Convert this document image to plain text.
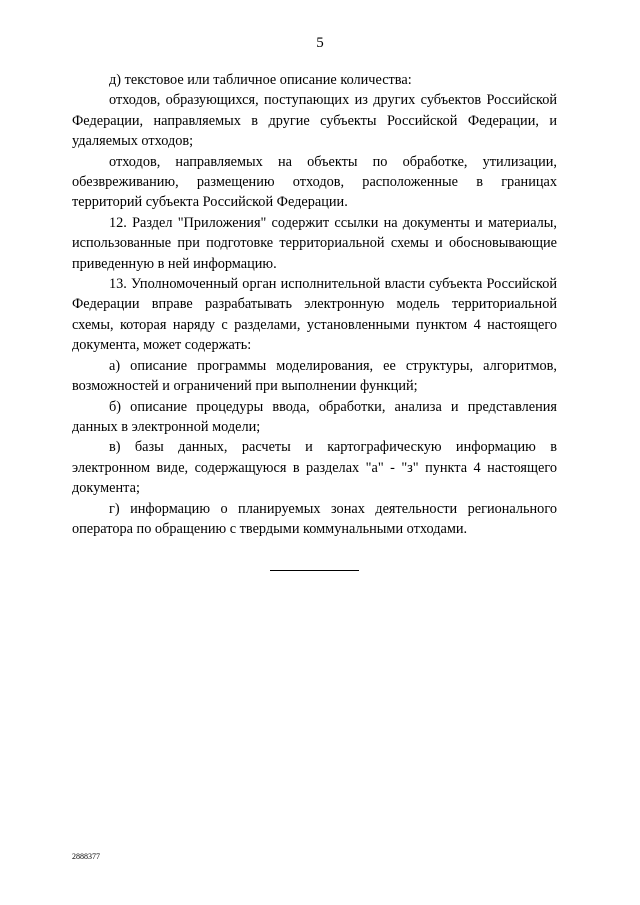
5

д) текстовое или табличное описание количества:

отходов, образующихся, поступающих из других субъектов Российской Федерации, направляемых в другие субъекты Российской Федерации, и удаляемых отходов;

отходов, направляемых на объекты по обработке, утилизации, обезвреживанию, размещению отходов, расположенные в границах территорий субъекта Российской Федерации.

12. Раздел "Приложения" содержит ссылки на документы и материалы, использованные при подготовке территориальной схемы и обосновывающие приведенную в ней информацию.

13. Уполномоченный орган исполнительной власти субъекта Российской Федерации вправе разрабатывать электронную модель территориальной схемы, которая наряду с разделами, установленными пунктом 4 настоящего документа, может содержать:

а) описание программы моделирования, ее структуры, алгоритмов, возможностей и ограничений при выполнении функций;

б) описание процедуры ввода, обработки, анализа и представления данных в электронной модели;

в) базы данных, расчеты и картографическую информацию в электронном виде, содержащуюся в разделах "а" - "з" пункта 4 настоящего документа;

г) информацию о планируемых зонах деятельности регионального оператора по обращению с твердыми коммунальными отходами.

2888377
